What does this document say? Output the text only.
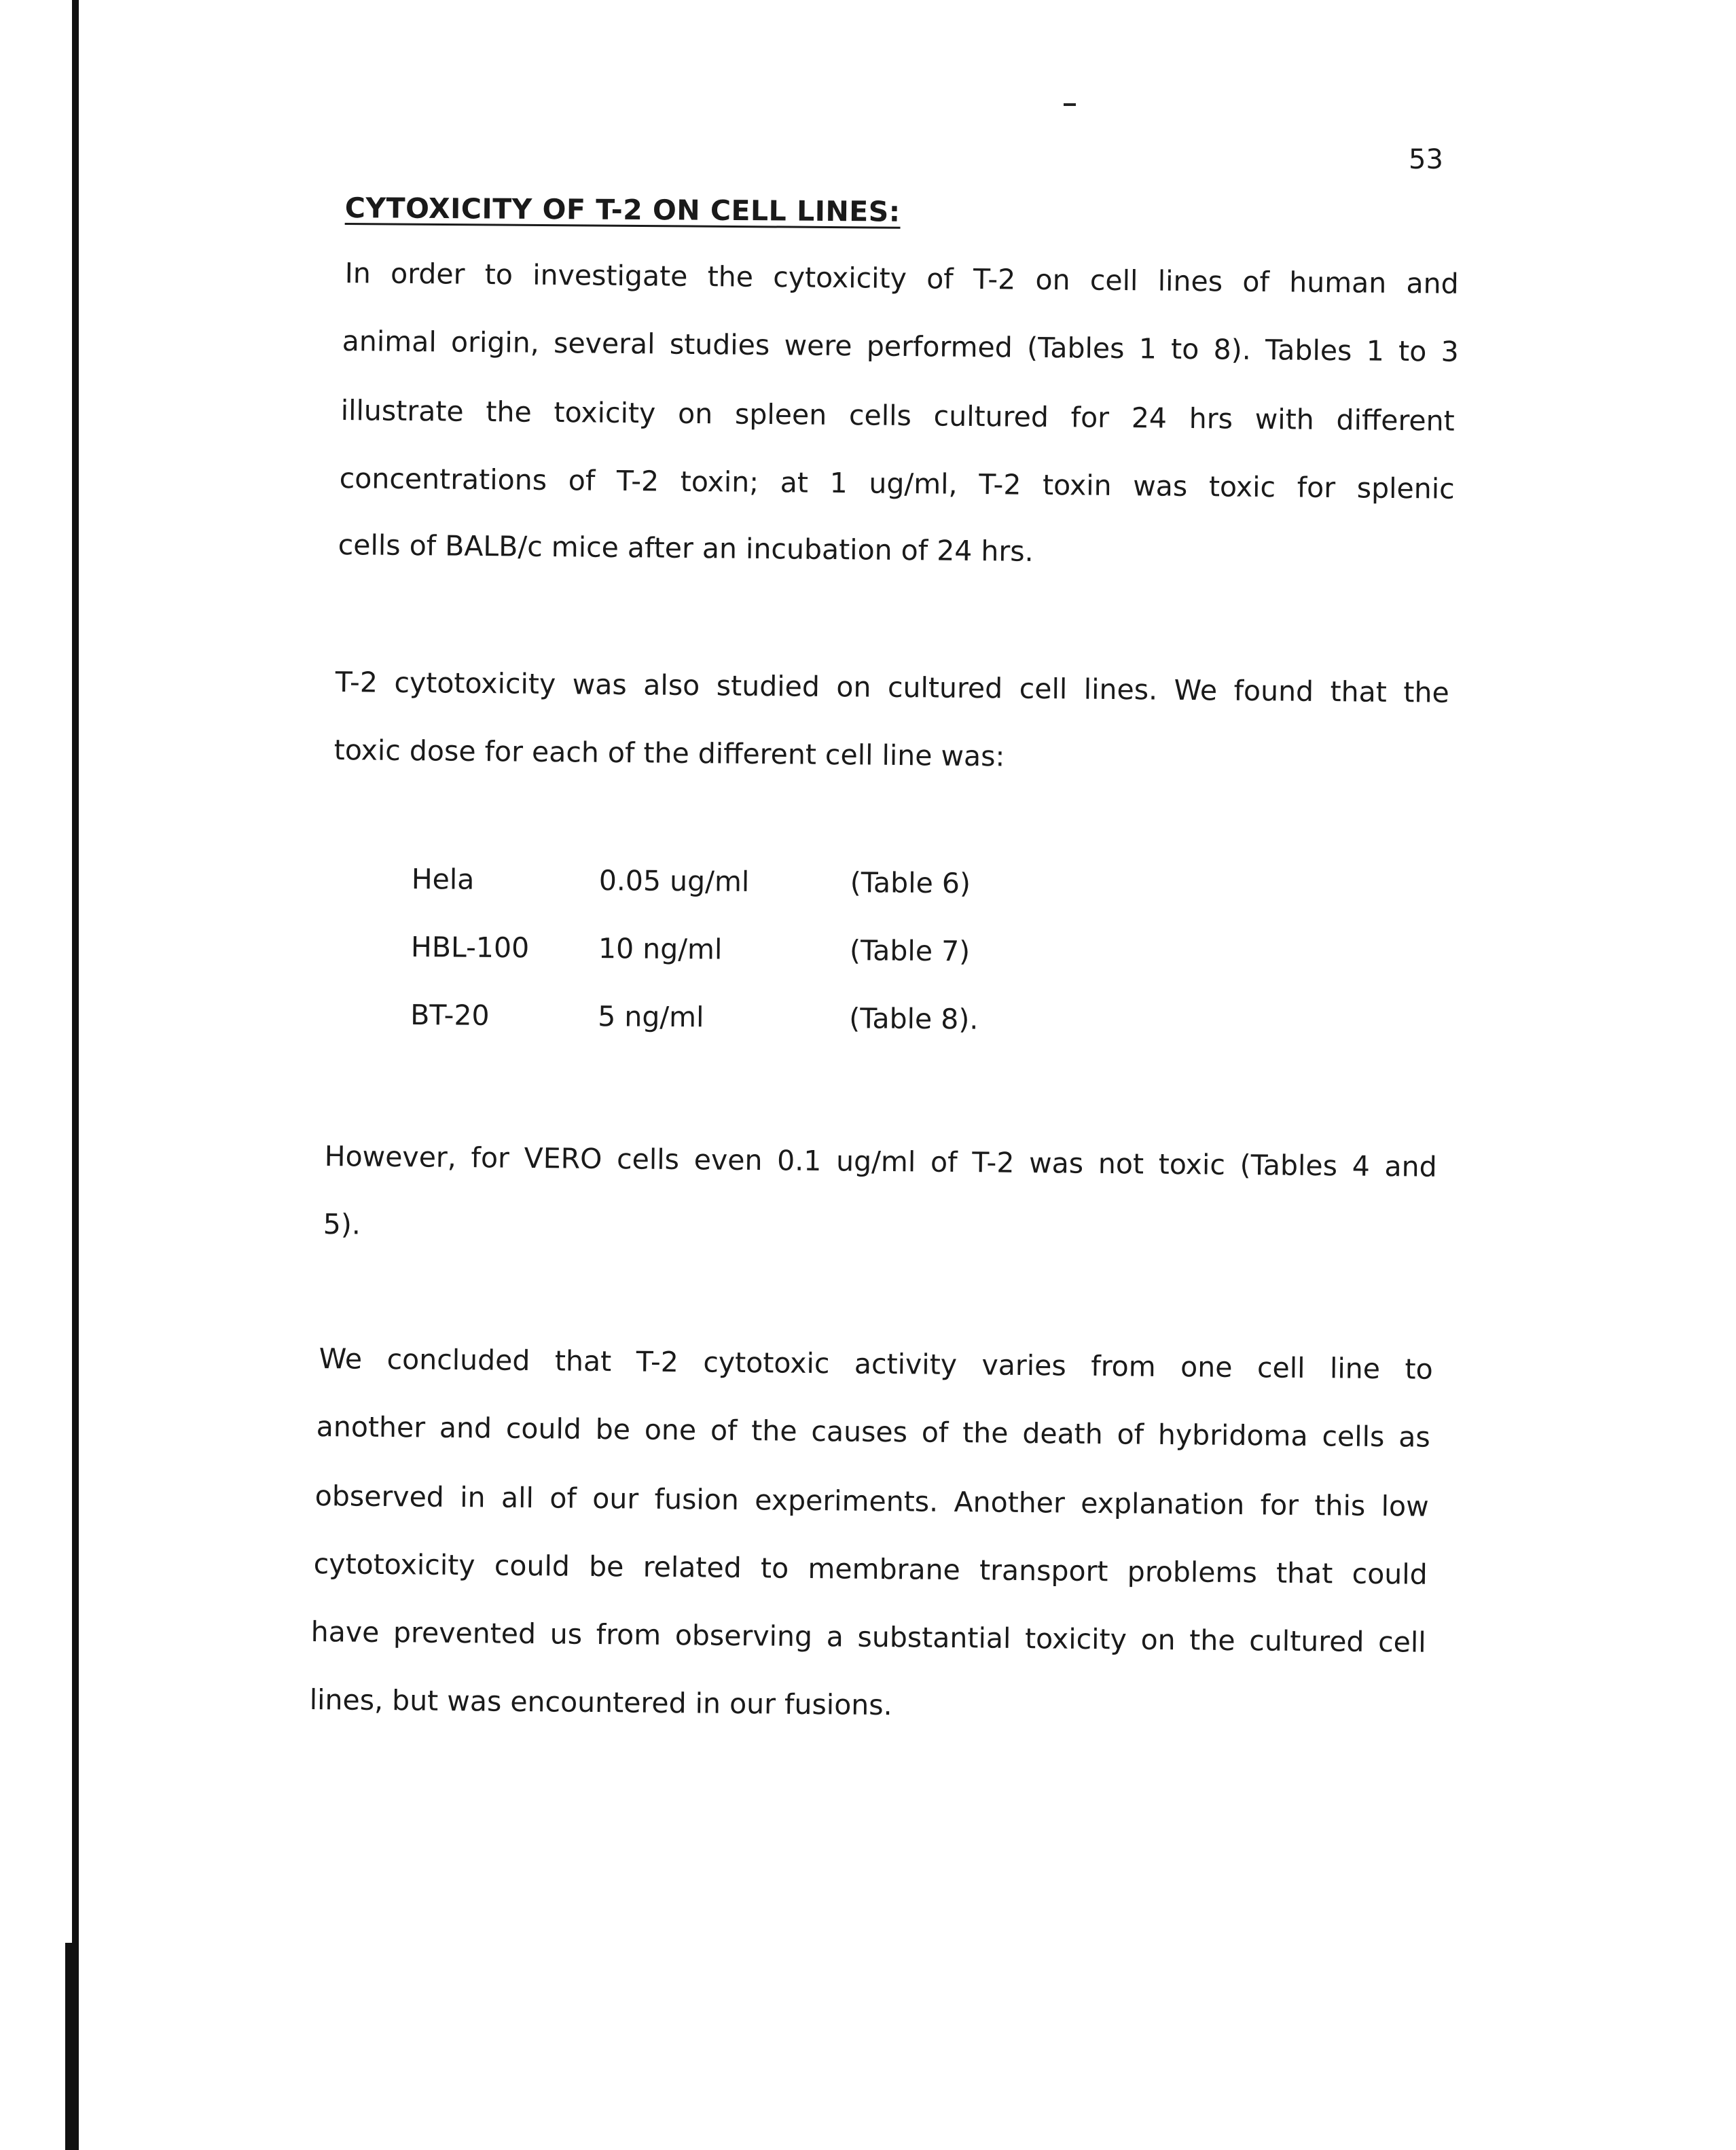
53
CYTOXICITY OF T-2 ON CELL LINES:
In order to investigate the cytoxicity of T-2 on cell lines of human and
animal origin, several studies were performed (Tables 1 to 8). Tables 1 to 3
illustrate the toxicity on spleen cells cultured for 24 hrs with different
concentrations of T-2 toxin; at 1 ug/ml, T-2 toxin was toxic for splenic
cells of BALB/c mice after an incubation of 24 hrs.
T-2 cytotoxicity was also studied on cultured cell lines. We found that the
toxic dose for each of the different cell line was:
Hela	0.05 ug/ml	(Table 6)
HBL-100 10 ng/ml	(Table 7)
BT-20	5 ng/ml	(Table 8).
However, for VERO cells even 0.1 ug/ml of T-2 was not toxic (Tables 4 and
5).
We concluded that T-2 cytotoxic activity varies from one cell line to
another and could be one of the causes of the death of hybridoma cells as
observed in all of our fusion experiments. Another explanation for this low
cytotoxicity could be related to membrane transport problems that could
have prevented us from observing a substantial toxicity on the cultured cell
lines, but was encountered in our fusions.
